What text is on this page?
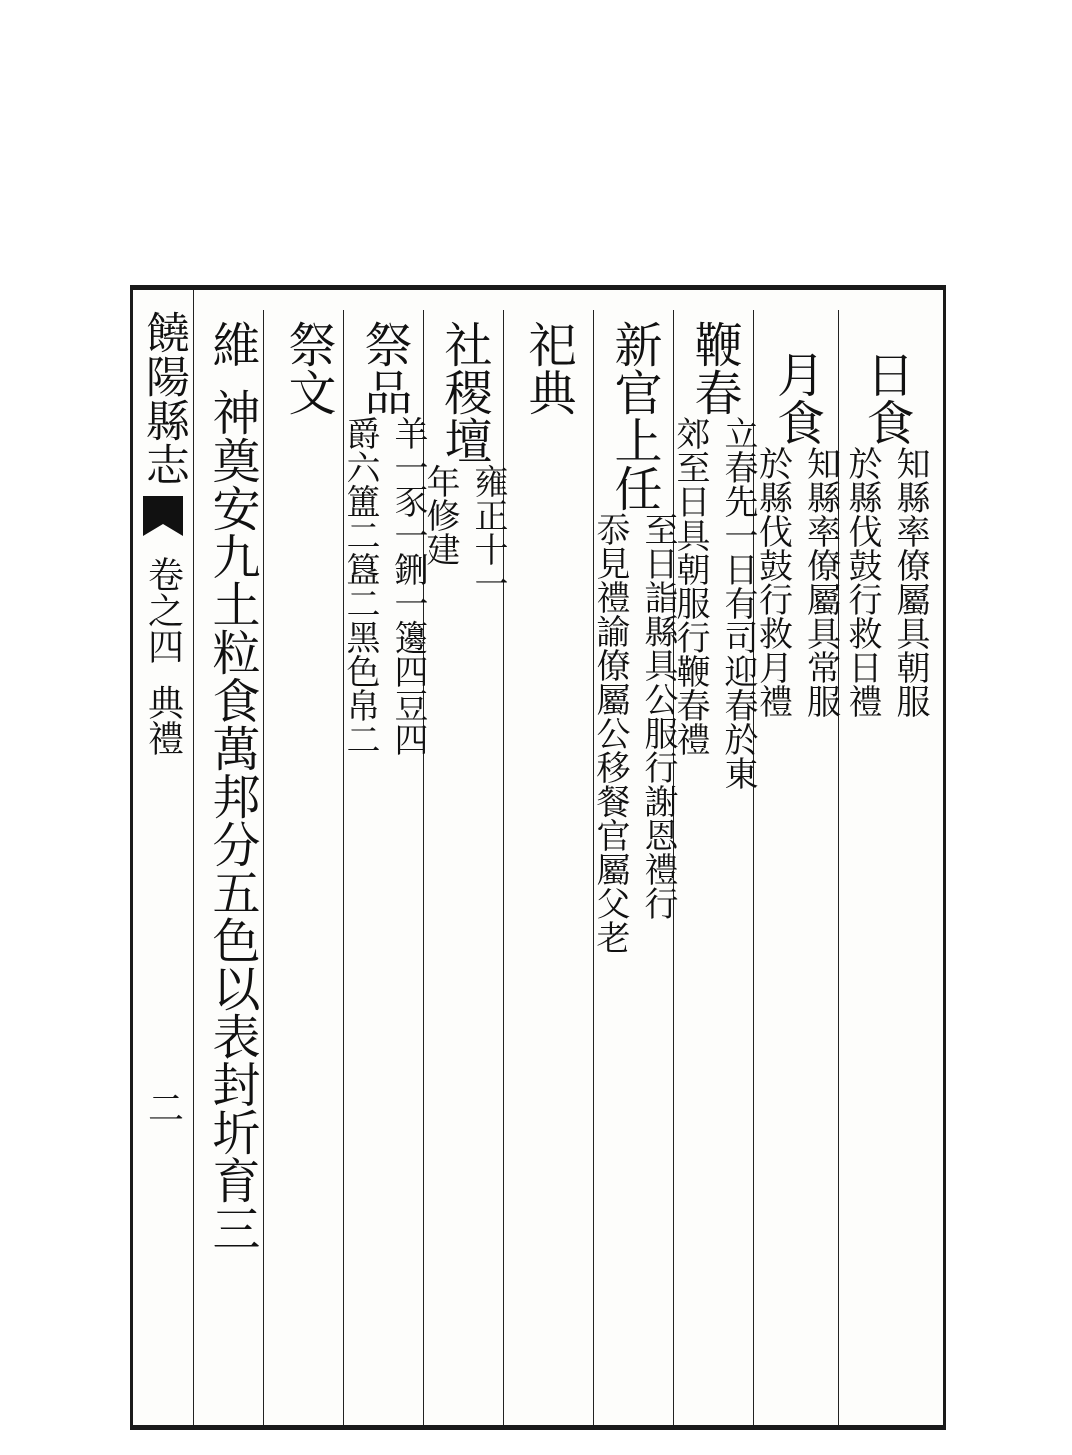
饒陽縣志
卷之四
典禮
二
維
神奠安九土粒食萬邦分五色以表封圻育三
祭文 祭品
羊一豕一鉶一籩四豆四
爵六簠二簋二黑色帛二
社稷壇
雍正十一
年修建
祀典 新官上任
至日詣縣具公服行謝恩禮行
忝見禮諭僚屬公移餐官屬父老
鞭春
立春先一日有司迎春於東
郊至日具朝服行鞭春禮
月食
知縣率僚屬具常服
於縣伐鼓行救月禮
日食
知縣率僚屬具朝服
於縣伐鼓行救日禮
